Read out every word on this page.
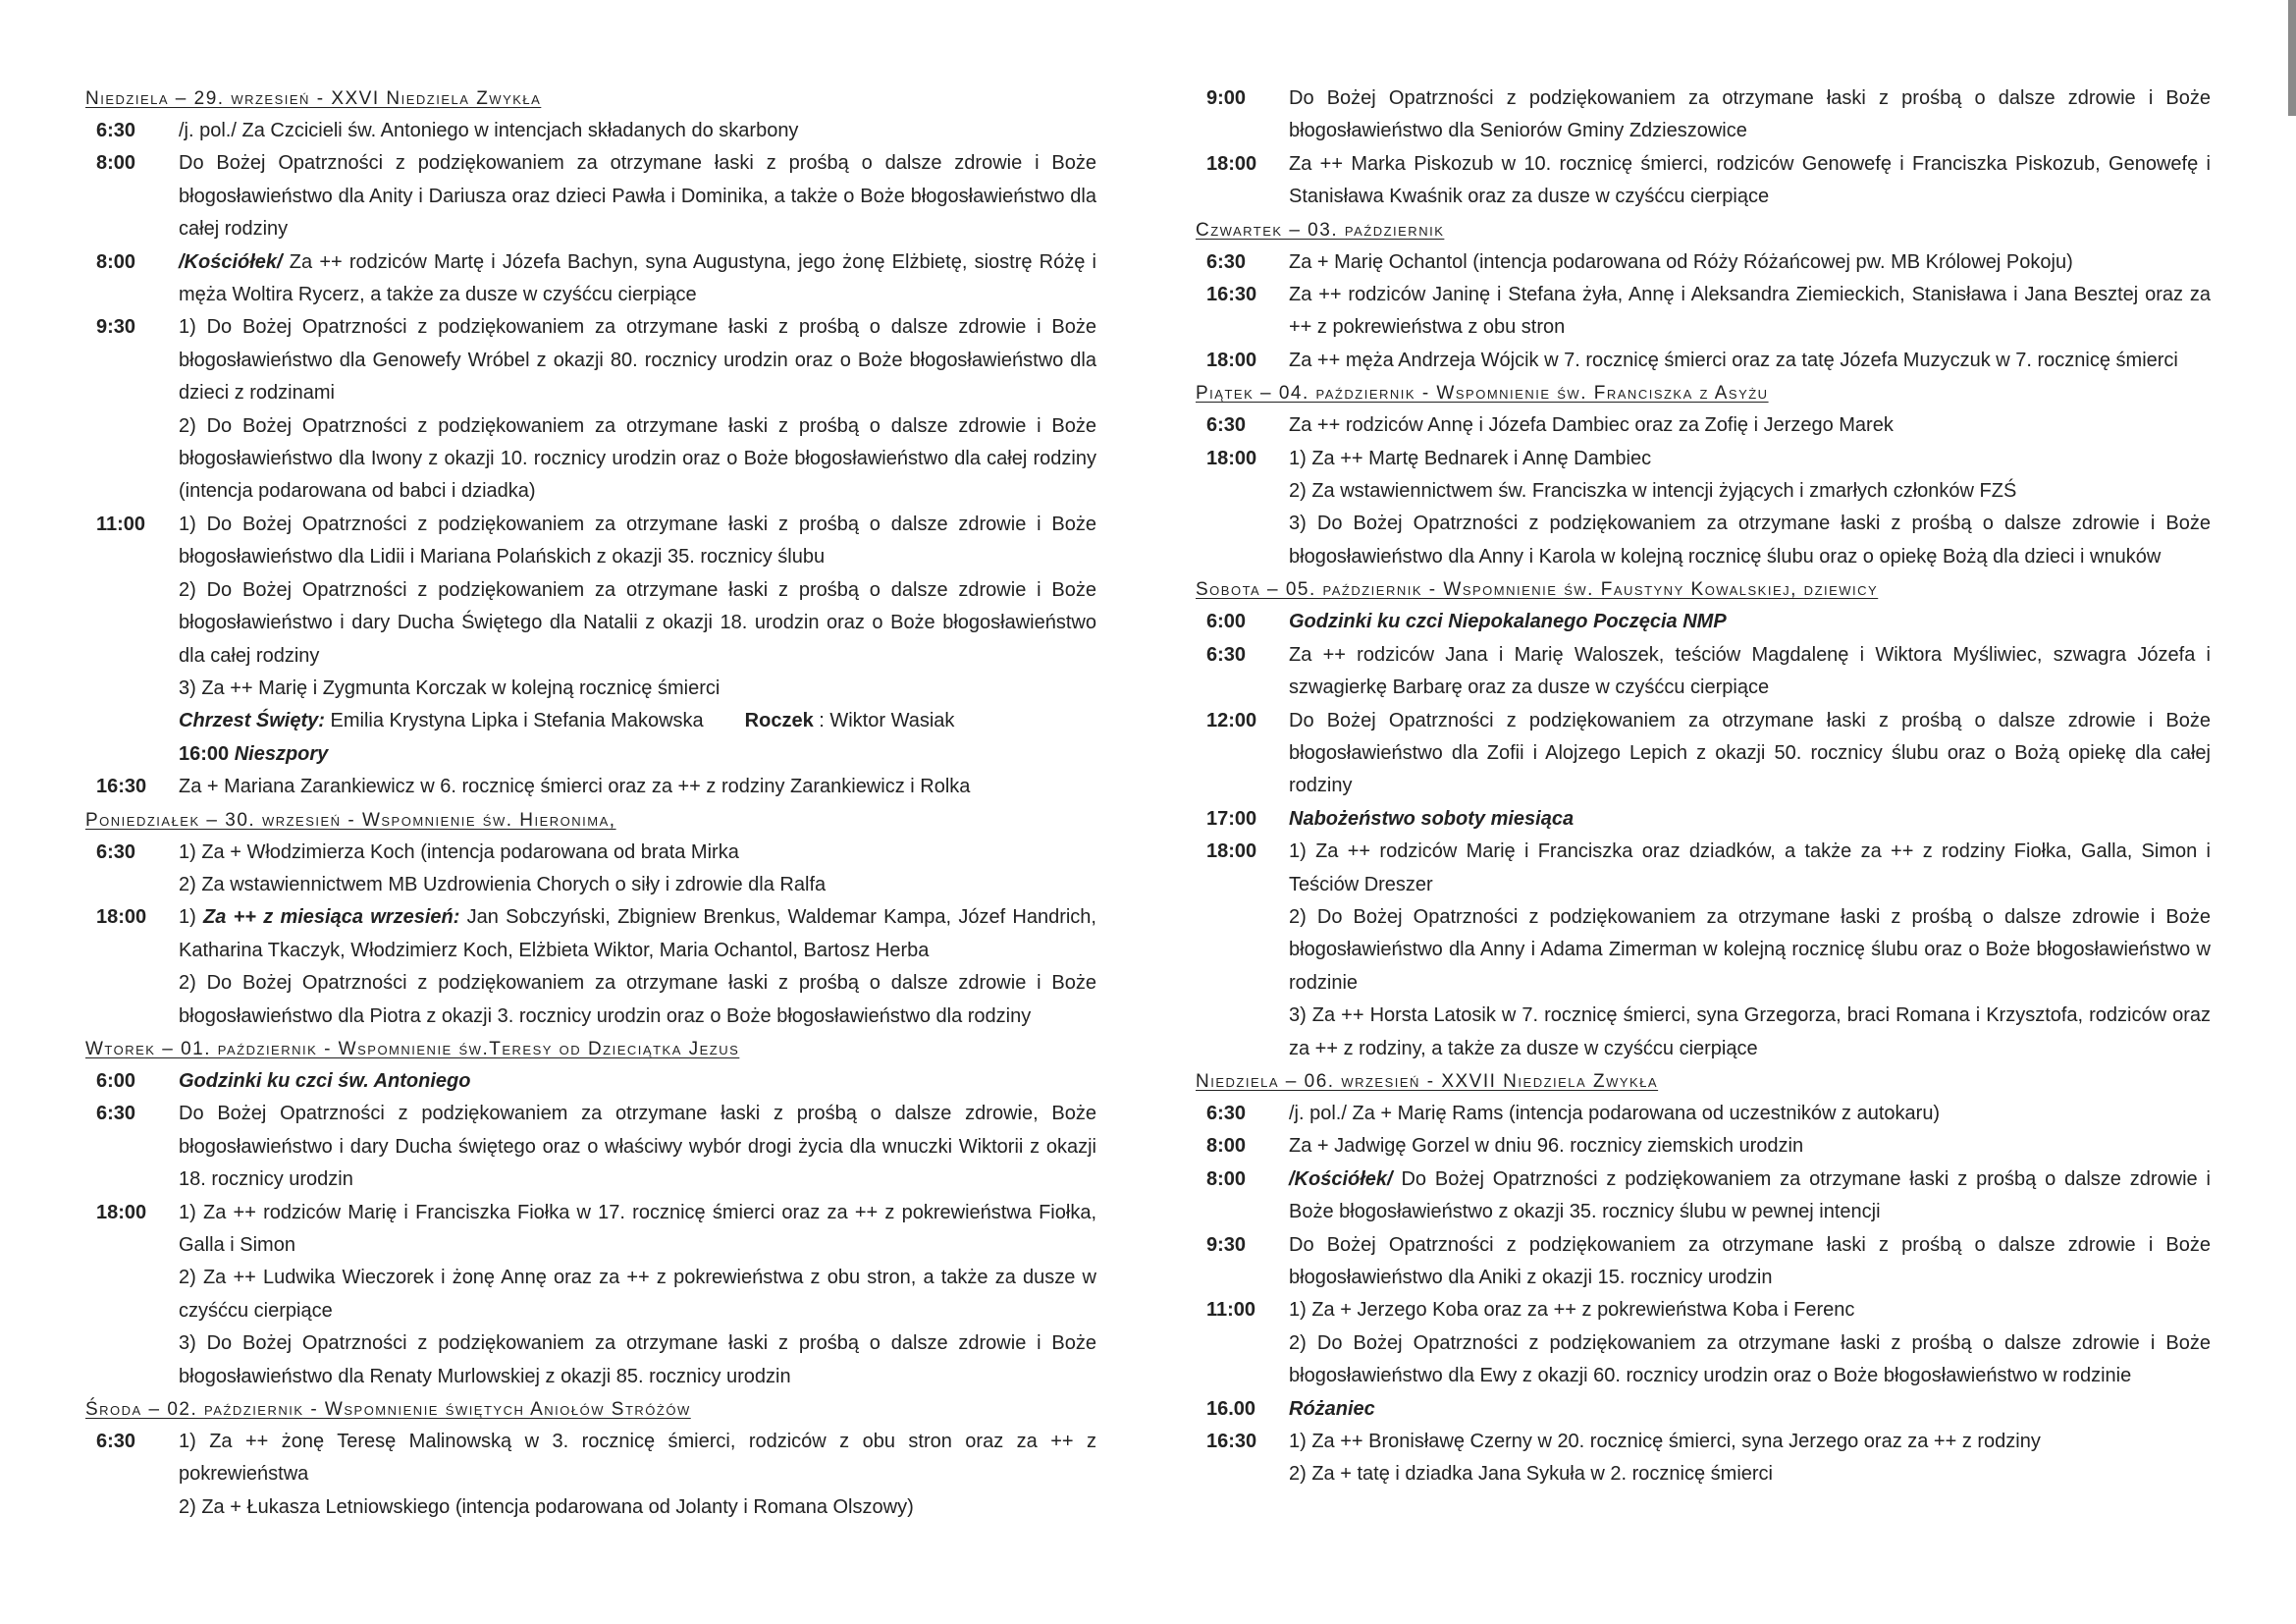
Niedziela – 29. wrzesień - XXVI Niedziela Zwykła
6:30	/j. pol./ Za Czcicieli św. Antoniego w intencjach składanych do skarbony

8:00	Do Bożej Opatrzności z podziękowaniem za otrzymane łaski z prośbą o dalsze zdrowie i Boże błogosławieństwo dla Anity i Dariusza oraz dzieci Pawła i Dominika, a także o Boże błogosławieństwo dla całej rodziny

8:00	/Kościółek/ Za ++ rodziców Martę i Józefa Bachyn, syna Augustyna, jego żonę Elżbietę, siostrę Różę i męża Woltira Rycerz, a także za dusze w czyśćcu cierpiące

9:30	1) Do Bożej Opatrzności z podziękowaniem za otrzymane łaski z prośbą o dalsze zdrowie i Boże błogosławieństwo dla Genowefy Wróbel z okazji 80. rocznicy urodzin oraz o Boże błogosławieństwo dla dzieci z rodzinami

2) Do Bożej Opatrzności z podziękowaniem za otrzymane łaski z prośbą o dalsze zdrowie i Boże błogosławieństwo dla Iwony z okazji 10. rocznicy urodzin oraz o Boże błogosławieństwo dla całej rodziny (intencja podarowana od babci i dziadka)

11:00	1) Do Bożej Opatrzności z podziękowaniem za otrzymane łaski z prośbą o dalsze zdrowie i Boże błogosławieństwo dla Lidii i Mariana Polańskich z okazji 35. rocznicy ślubu

2) Do Bożej Opatrzności z podziękowaniem za otrzymane łaski z prośbą o dalsze zdrowie i Boże błogosławieństwo i dary Ducha Świętego dla Natalii z okazji 18. urodzin oraz o Boże błogosławieństwo dla całej rodziny

3) Za ++ Marię i Zygmunta Korczak w kolejną rocznicę śmierci

Chrzest Święty: Emilia Krystyna Lipka i Stefania Makowska Roczek : Wiktor Wasiak

16:00 Nieszpory

16:30	Za + Mariana Zarankiewicz w 6. rocznicę śmierci oraz za ++ z rodziny Zarankiewicz i Rolka

Poniedziałek – 30. wrzesień - Wspomnienie św. Hieronima,
6:30	1) Za + Włodzimierza Koch (intencja podarowana od brata Mirka

2) Za wstawiennictwem MB Uzdrowienia Chorych o siły i zdrowie dla Ralfa

18:00	1) Za ++ z miesiąca wrzesień: Jan Sobczyński, Zbigniew Brenkus, Waldemar Kampa, Józef Handrich, Katharina Tkaczyk, Włodzimierz Koch, Elżbieta Wiktor, Maria Ochantol, Bartosz Herba

2) Do Bożej Opatrzności z podziękowaniem za otrzymane łaski z prośbą o dalsze zdrowie i Boże błogosławieństwo dla Piotra z okazji 3. rocznicy urodzin oraz o Boże błogosławieństwo dla rodziny

Wtorek – 01. październik - Wspomnienie św.Teresy od Dzieciątka Jezus
6:00	Godzinki ku czci św. Antoniego

6:30	Do Bożej Opatrzności z podziękowaniem za otrzymane łaski z prośbą o dalsze zdrowie, Boże błogosławieństwo i dary Ducha świętego oraz o właściwy wybór drogi życia dla wnuczki Wiktorii z okazji 18. rocznicy urodzin

18:00	1) Za ++ rodziców Marię i Franciszka Fiołka w 17. rocznicę śmierci oraz za ++ z pokrewieństwa Fiołka, Galla i Simon

2) Za ++ Ludwika Wieczorek i żonę Annę oraz za ++ z pokrewieństwa z obu stron, a także za dusze w czyśćcu cierpiące

3) Do Bożej Opatrzności z podziękowaniem za otrzymane łaski z prośbą o dalsze zdrowie i Boże błogosławieństwo dla Renaty Murlowskiej z okazji 85. rocznicy urodzin

Środa – 02. październik - Wspomnienie świętych Aniołów Stróżów
6:30	1) Za ++ żonę Teresę Malinowską w 3. rocznicę śmierci, rodziców z obu stron oraz za ++ z pokrewieństwa

2) Za + Łukasza Letniowskiego (intencja podarowana od Jolanty i Romana Olszowy)

9:00	Do Bożej Opatrzności z podziękowaniem za otrzymane łaski z prośbą o dalsze zdrowie i Boże błogosławieństwo dla Seniorów Gminy Zdzieszowice

18:00	Za ++ Marka Piskozub w 10. rocznicę śmierci, rodziców Genowefę i Franciszka Piskozub, Genowefę i Stanisława Kwaśnik oraz za dusze w czyśćcu cierpiące

Czwartek – 03. październik
6:30	Za + Marię Ochantol (intencja podarowana od Róży Różańcowej pw. MB Królowej Pokoju)

16:30	Za ++ rodziców Janinę i Stefana żyła, Annę i Aleksandra Ziemieckich, Stanisława i Jana Besztej oraz za ++ z pokrewieństwa z obu stron

18:00	Za ++ męża Andrzeja Wójcik w 7. rocznicę śmierci oraz za tatę Józefa Muzyczuk w 7. rocznicę śmierci

Piątek – 04. październik - Wspomnienie św. Franciszka z Asyżu
6:30	Za ++ rodziców Annę i Józefa Dambiec oraz za Zofię i Jerzego Marek

18:00	1) Za ++ Martę Bednarek i Annę Dambiec

2) Za wstawiennictwem św. Franciszka w intencji żyjących i zmarłych członków FZŚ

3) Do Bożej Opatrzności z podziękowaniem za otrzymane łaski z prośbą o dalsze zdrowie i Boże błogosławieństwo dla Anny i Karola w kolejną rocznicę ślubu oraz o opiekę Bożą dla dzieci i wnuków

Sobota – 05. październik - Wspomnienie św. Faustyny Kowalskiej, dziewicy
6:00	Godzinki ku czci Niepokalanego Poczęcia NMP

6:30	Za ++ rodziców Jana i Marię Waloszek, teściów Magdalenę i Wiktora Myśliwiec, szwagra Józefa i szwagierkę Barbarę oraz za dusze w czyśćcu cierpiące

12:00	Do Bożej Opatrzności z podziękowaniem za otrzymane łaski z prośbą o dalsze zdrowie i Boże błogosławieństwo dla Zofii i Alojzego Lepich z okazji 50. rocznicy ślubu oraz o Bożą opiekę dla całej rodziny

17:00	Nabożeństwo soboty miesiąca

18:00	1) Za ++ rodziców Marię i Franciszka oraz dziadków, a także za ++ z rodziny Fiołka, Galla, Simon i Teściów Dreszer

2) Do Bożej Opatrzności z podziękowaniem za otrzymane łaski z prośbą o dalsze zdrowie i Boże błogosławieństwo dla Anny i Adama Zimerman w kolejną rocznicę ślubu oraz o Boże błogosławieństwo w rodzinie

3) Za ++ Horsta Latosik w 7. rocznicę śmierci, syna Grzegorza, braci Romana i Krzysztofa, rodziców oraz za ++ z rodziny, a także za dusze w czyśćcu cierpiące

Niedziela – 06. wrzesień - XXVII Niedziela Zwykła
6:30	/j. pol./ Za + Marię Rams (intencja podarowana od uczestników z autokaru)

8:00	Za + Jadwigę Gorzel w dniu 96. rocznicy ziemskich urodzin

8:00	/Kościółek/ Do Bożej Opatrzności z podziękowaniem za otrzymane łaski z prośbą o dalsze zdrowie i Boże błogosławieństwo z okazji 35. rocznicy ślubu w pewnej intencji

9:30	Do Bożej Opatrzności z podziękowaniem za otrzymane łaski z prośbą o dalsze zdrowie i Boże błogosławieństwo dla Aniki z okazji 15. rocznicy urodzin

11:00	1) Za + Jerzego Koba oraz za ++ z pokrewieństwa Koba i Ferenc

2) Do Bożej Opatrzności z podziękowaniem za otrzymane łaski z prośbą o dalsze zdrowie i Boże błogosławieństwo dla Ewy z okazji 60. rocznicy urodzin oraz o Boże błogosławieństwo w rodzinie

16.00	Różaniec

16:30	1) Za ++ Bronisławę Czerny w 20. rocznicę śmierci, syna Jerzego oraz za ++ z rodziny

2) Za + tatę i dziadka Jana Sykuła w 2. rocznicę śmierci
